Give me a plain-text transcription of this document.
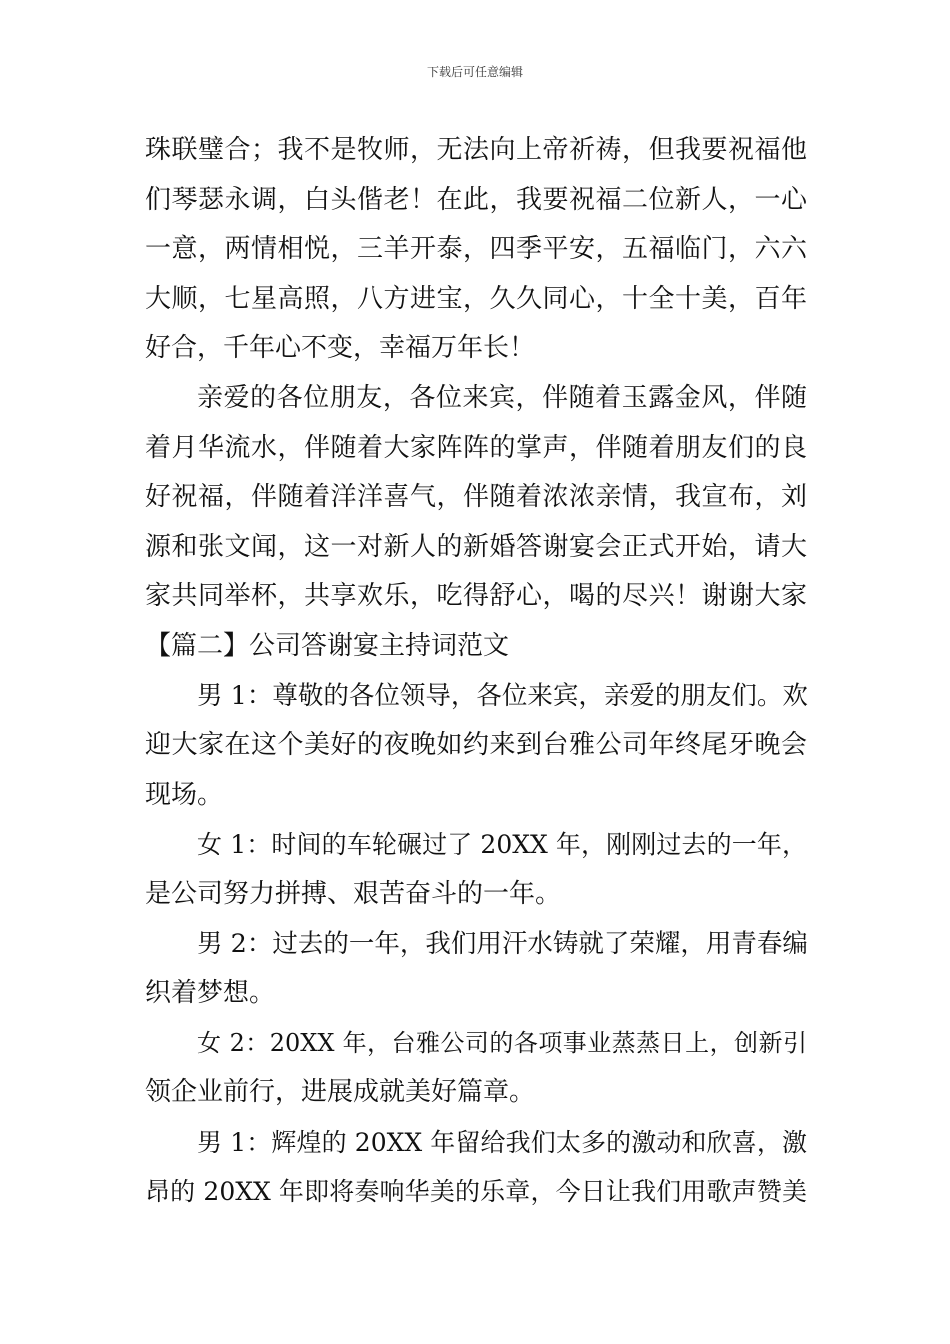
下载后可任意编辑
珠联璧合；我不是牧师，无法向上帝祈祷，但我要祝福他
们琴瑟永调，白头偕老！在此，我要祝福二位新人，一心
一意，两情相悦，三羊开泰，四季平安，五福临门，六六
大顺，七星高照，八方进宝，久久同心，十全十美，百年
好合，千年心不变，幸福万年长！
亲爱的各位朋友，各位来宾，伴随着玉露金风，伴随
着月华流水，伴随着大家阵阵的掌声，伴随着朋友们的良
好祝福，伴随着洋洋喜气，伴随着浓浓亲情，我宣布，刘
源和张文闻，这一对新人的新婚答谢宴会正式开始，请大
家共同举杯，共享欢乐，吃得舒心，喝的尽兴！谢谢大家
【篇二】公司答谢宴主持词范文
男 1：尊敬的各位领导，各位来宾，亲爱的朋友们。欢
迎大家在这个美好的夜晚如约来到台雅公司年终尾牙晚会
现场。
女 1：时间的车轮碾过了 20XX 年，刚刚过去的一年，
是公司努力拼搏、艰苦奋斗的一年。
男 2：过去的一年，我们用汗水铸就了荣耀，用青春编
织着梦想。
女 2：20XX 年，台雅公司的各项事业蒸蒸日上，创新引
领企业前行，进展成就美好篇章。
男 1：辉煌的 20XX 年留给我们太多的激动和欣喜，激
昂的 20XX 年即将奏响华美的乐章，今日让我们用歌声赞美
